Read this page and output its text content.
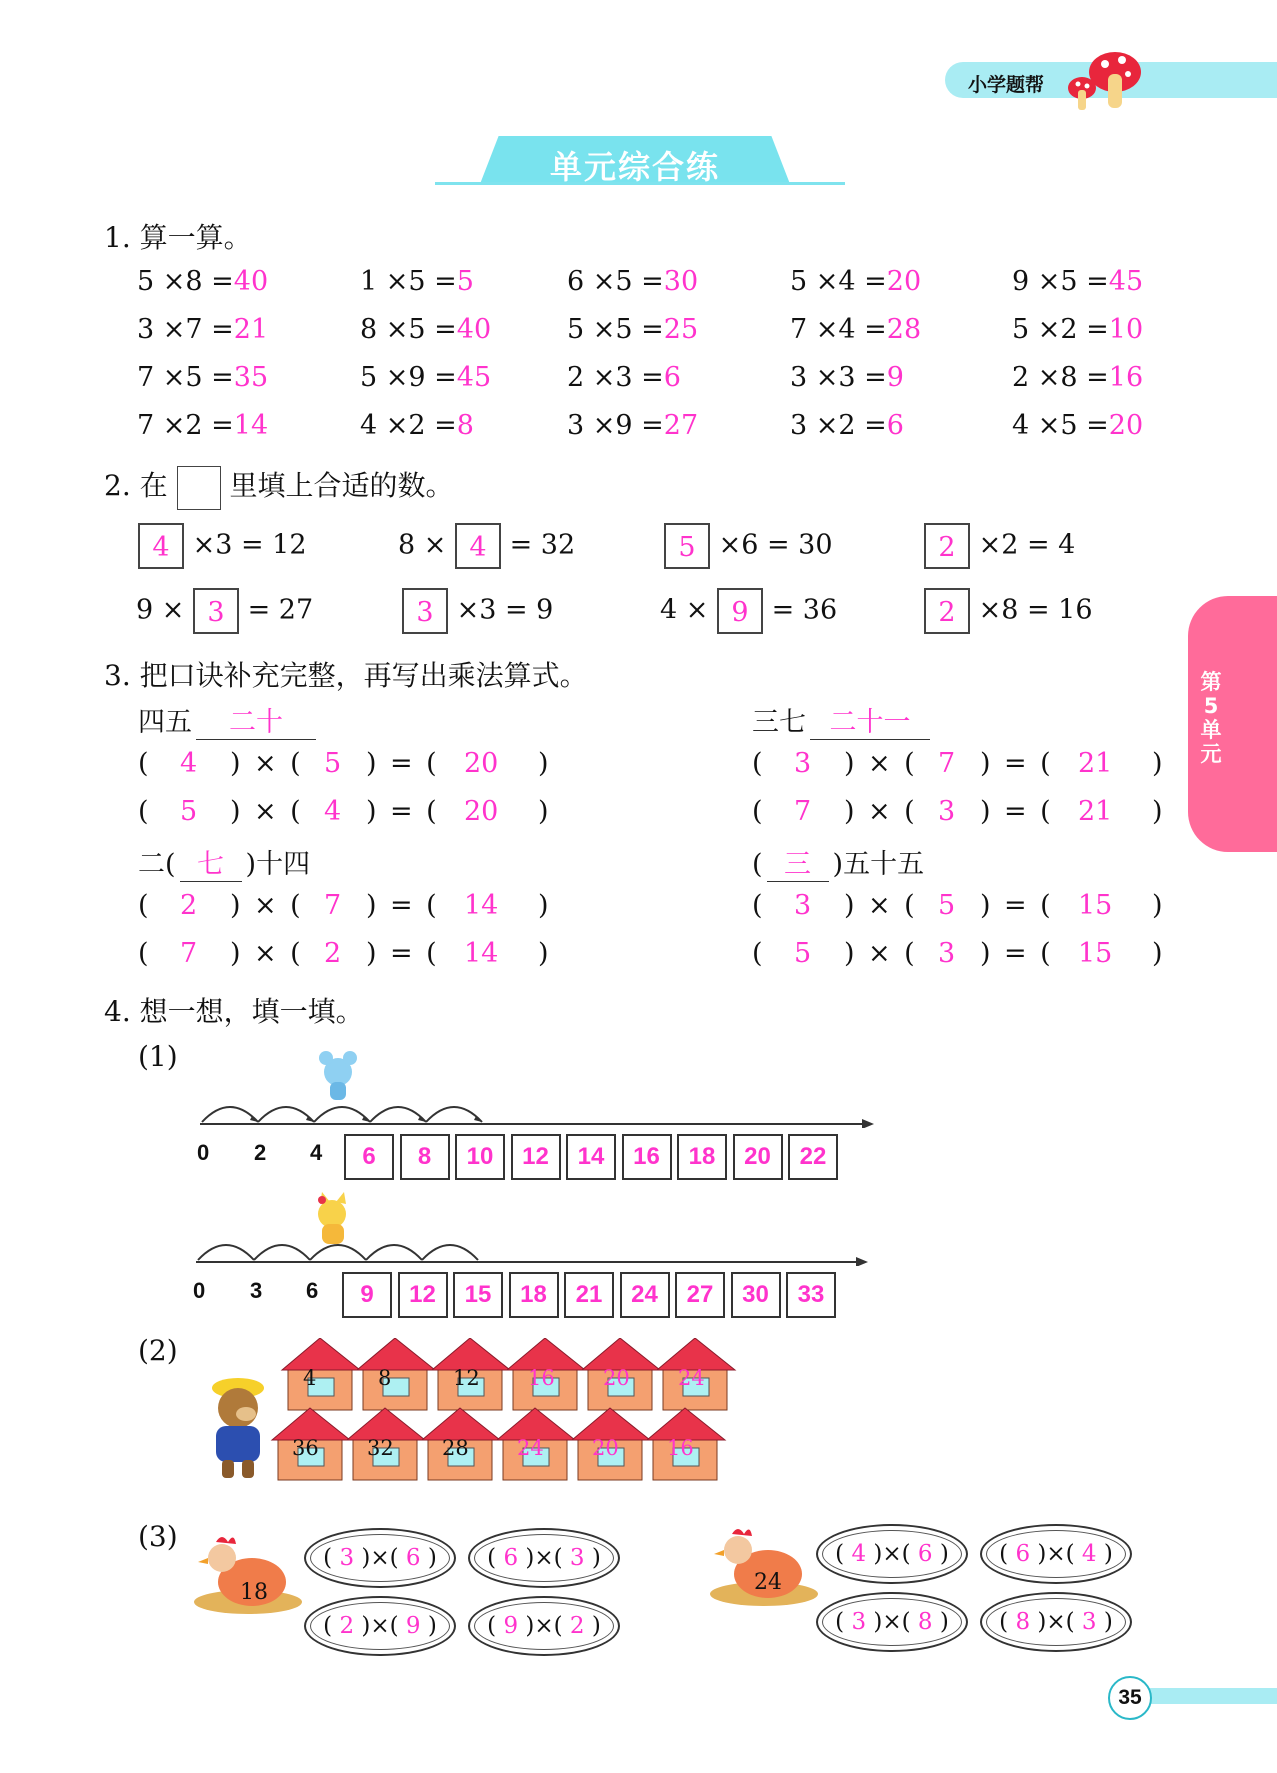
小学题帮
单元综合练
第5单元
1. 算一算。
5 ×8 =40	1 ×5 =5	6 ×5 =30	5 ×4 =20	9 ×5 =45
3 ×7 =21	8 ×5 =40	5 ×5 =25	7 ×4 =28	5 ×2 =10
7 ×5 =35	5 ×9 =45	2 ×3 =6	3 ×3 =9	2 ×8 =16
7 ×2 =14	4 ×2 =8	3 ×9 =27	3 ×2 =6	4 ×5 =20
2. 在 里填上合适的数。
4 ×3 = 12	8 × 4 = 32	5 ×6 = 30	2 ×2 = 4
9 × 3 = 27	3 ×3 = 9	4 × 9 = 36	2 ×8 = 16
3. 把口诀补充完整，再写出乘法算式。
四五 二十
( 4 ) × ( 5 ) = ( 20 )
( 5 ) × ( 4 ) = ( 20 )
三七 二十一
( 3 ) × ( 7 ) = ( 21 )
( 7 ) × ( 3 ) = ( 21 )
二( 七 )十四
( 2 ) × ( 7 ) = ( 14 )
( 7 ) × ( 2 ) = ( 14 )
( 三 )五十五
( 3 ) × ( 5 ) = ( 15 )
( 5 ) × ( 3 ) = ( 15 )
4. 想一想，填一填。
(1)
(2)
(3)
0 2 4	6	8	10	12	14	16	18	20	22
0 3 6	9	12	15	18	21	24	27	30	33
4	8	12 16 20 24
36 32 28 24 20 16
18	24
( 3 )×( 6 )	( 6 )×( 3 )
( 2 )×( 9 )	( 9 )×( 2 )
( 4 )×( 6 )	( 6 )×( 4 )
( 3 )×( 8 )	( 8 )×( 3 )
35
